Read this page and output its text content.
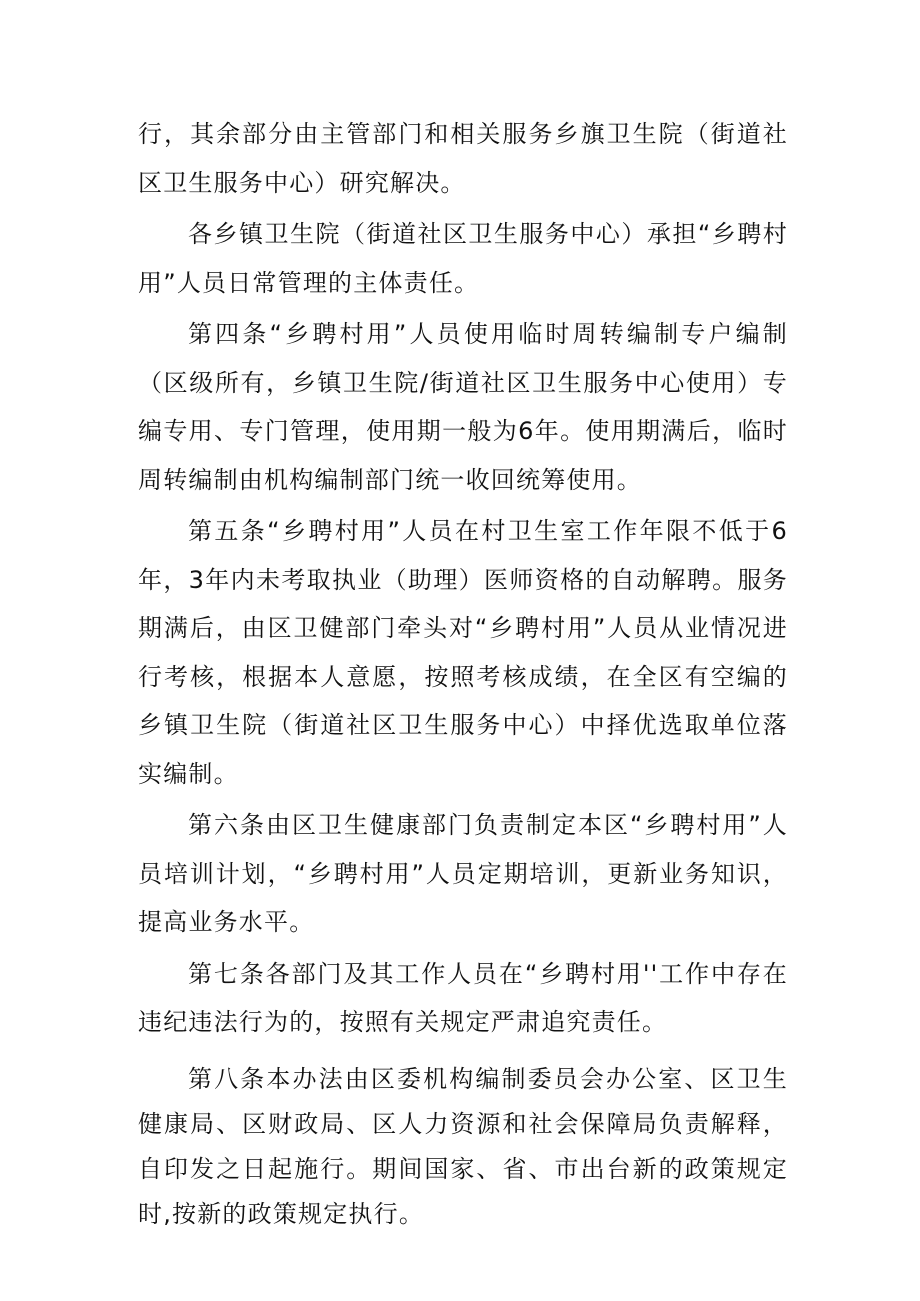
行，其余部分由主管部门和相关服务乡旗卫生院（街道社区卫生服务中心）研究解决。

各乡镇卫生院（街道社区卫生服务中心）承担“乡聘村用”人员日常管理的主体责任。

第四条“乡聘村用”人员使用临时周转编制专户编制（区级所有，乡镇卫生院/街道社区卫生服务中心使用）专编专用、专门管理，使用期一般为6年。使用期满后，临时周转编制由机构编制部门统一收回统筹使用。

第五条“乡聘村用”人员在村卫生室工作年限不低于6年，3年内未考取执业（助理）医师资格的自动解聘。服务期满后，由区卫健部门牵头对“乡聘村用”人员从业情况进行考核，根据本人意愿，按照考核成绩，在全区有空编的乡镇卫生院（街道社区卫生服务中心）中择优选取单位落实编制。

第六条由区卫生健康部门负责制定本区“乡聘村用”人员培训计划，“乡聘村用”人员定期培训，更新业务知识，提高业务水平。

第七条各部门及其工作人员在“乡聘村用''工作中存在违纪违法行为的，按照有关规定严肃追究责任。

第八条本办法由区委机构编制委员会办公室、区卫生健康局、区财政局、区人力资源和社会保障局负责解释，自印发之日起施行。期间国家、省、市出台新的政策规定时,按新的政策规定执行。
